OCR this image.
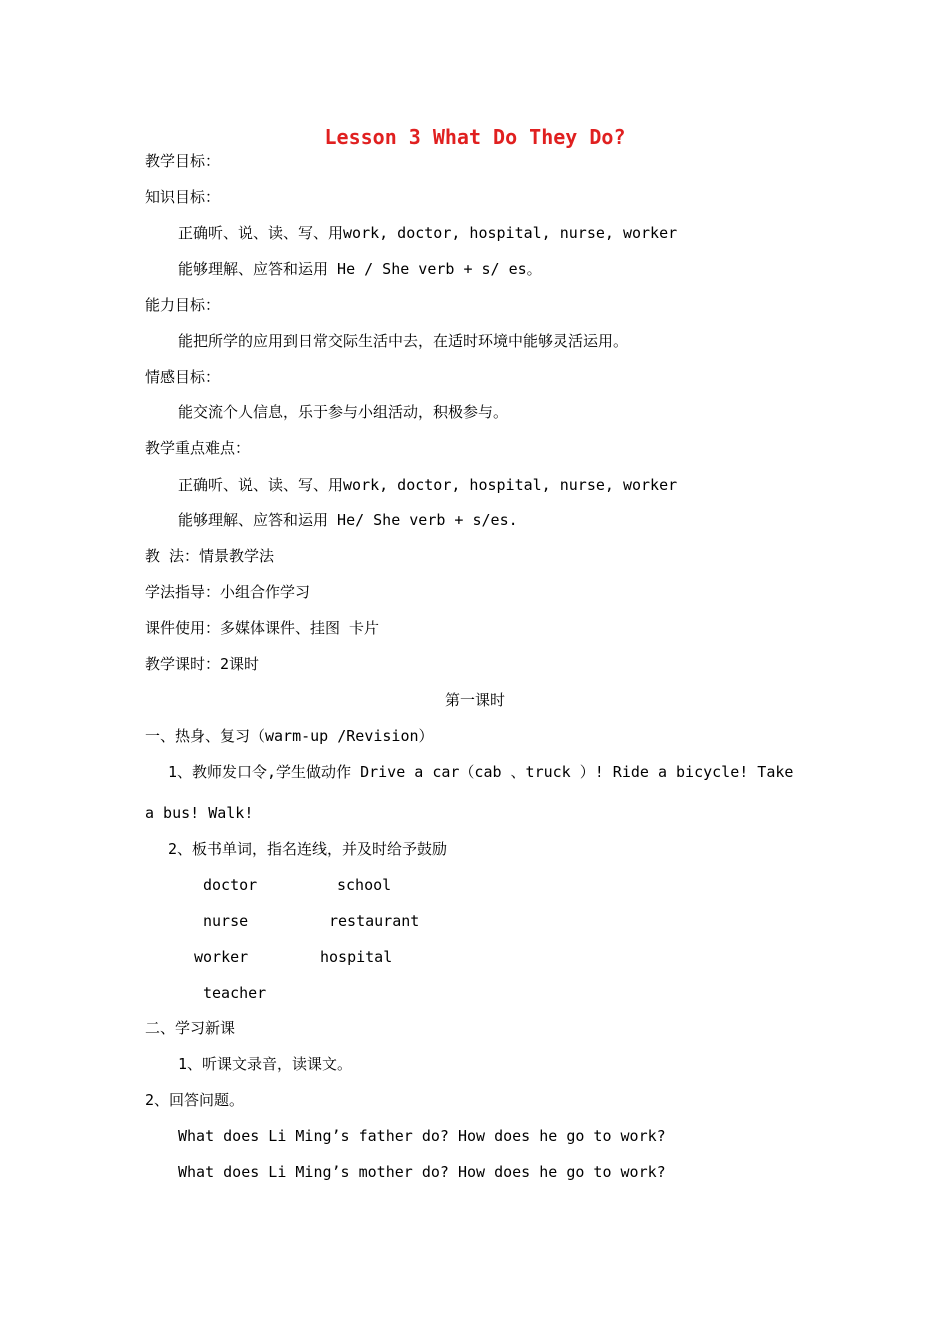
Lesson 3 What Do They Do?
教学目标：
知识目标：
正确听、说、读、写、用work, doctor, hospital, nurse, worker
能够理解、应答和运用 He / She verb + s/ es。
能力目标：
能把所学的应用到日常交际生活中去，在适时环境中能够灵活运用。
情感目标：
能交流个人信息，乐于参与小组活动，积极参与。
教学重点难点：
正确听、说、读、写、用work, doctor, hospital, nurse, worker
能够理解、应答和运用 He/ She verb + s/es.
教 法：情景教学法
学法指导：小组合作学习
课件使用：多媒体课件、挂图 卡片
教学课时：2课时
第一课时
一、热身、复习（warm-up /Revision）
1、教师发口令,学生做动作 Drive a car（cab 、truck ）! Ride a bicycle! Take
a bus! Walk!
2、板书单词，指名连线，并及时给予鼓励
doctor	school
nurse	restaurant
worker	hospital
teacher
二、学习新课
1、听课文录音，读课文。
2、回答问题。
What does Li Ming’s father do? How does he go to work?
What does Li Ming’s mother do? How does he go to work?
